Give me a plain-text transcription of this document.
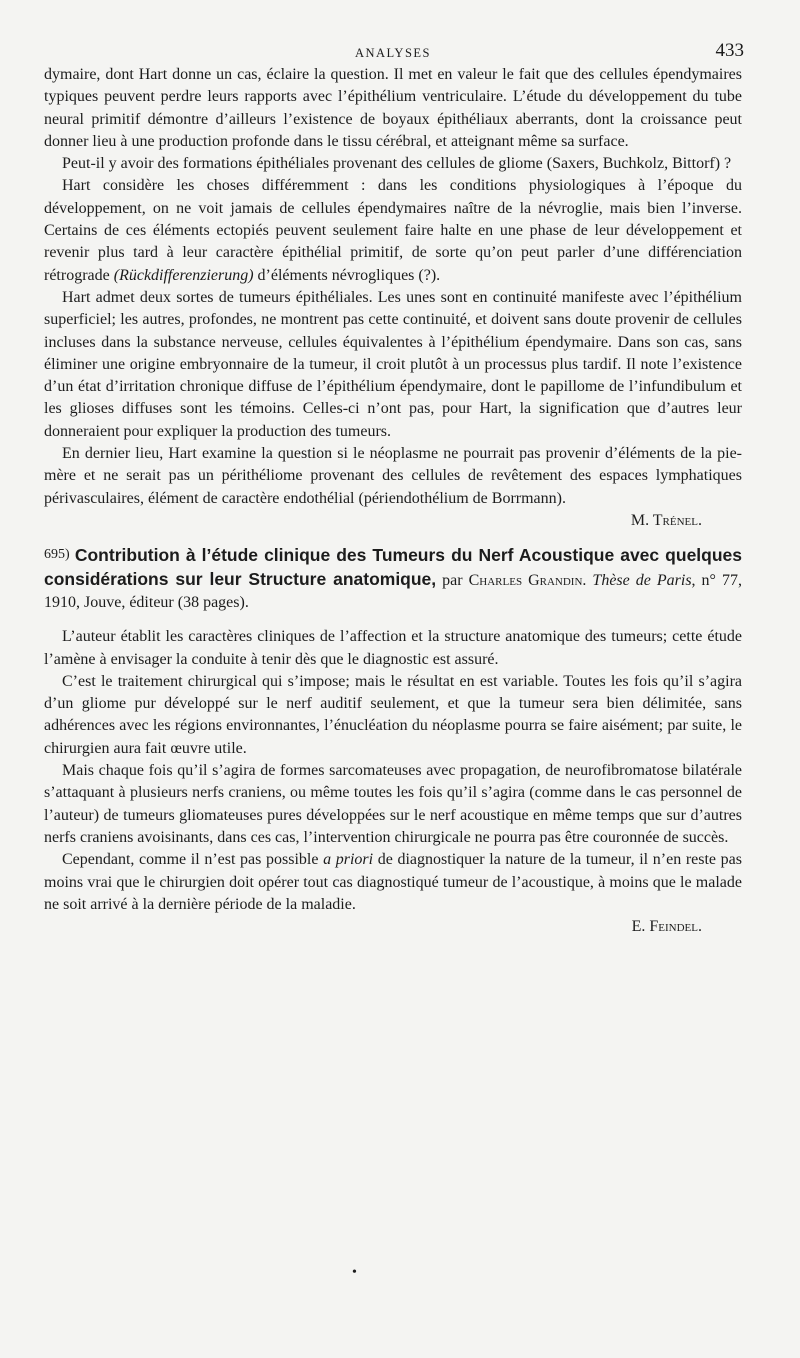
ANALYSES	433

dymaire, dont Hart donne un cas, éclaire la question. Il met en valeur le fait que des cellules épendymaires typiques peuvent perdre leurs rapports avec l’épithélium ventriculaire. L’étude du développement du tube neural primitif démontre d’ailleurs l’existence de boyaux épithéliaux aberrants, dont la croissance peut donner lieu à une production profonde dans le tissu cérébral, et atteignant même sa surface.

Peut-il y avoir des formations épithéliales provenant des cellules de gliome (Saxers, Buchkolz, Bittorf) ?

Hart considère les choses différemment : dans les conditions physiologiques à l’époque du développement, on ne voit jamais de cellules épendymaires naître de la névroglie, mais bien l’inverse. Certains de ces éléments ectopiés peuvent seulement faire halte en une phase de leur développement et revenir plus tard à leur caractère épithélial primitif, de sorte qu’on peut parler d’une différenciation rétrograde (Rückdifferenzierung) d’éléments névrogliques (?).

Hart admet deux sortes de tumeurs épithéliales. Les unes sont en continuité manifeste avec l’épithélium superficiel; les autres, profondes, ne montrent pas cette continuité, et doivent sans doute provenir de cellules incluses dans la substance nerveuse, cellules équivalentes à l’épithélium épendymaire. Dans son cas, sans éliminer une origine embryonnaire de la tumeur, il croit plutôt à un processus plus tardif. Il note l’existence d’un état d’irritation chronique diffuse de l’épithélium épendymaire, dont le papillome de l’infundibulum et les glioses diffuses sont les témoins. Celles-ci n’ont pas, pour Hart, la signification que d’autres leur donneraient pour expliquer la production des tumeurs.

En dernier lieu, Hart examine la question si le néoplasme ne pourrait pas provenir d’éléments de la pie-mère et ne serait pas un périthéliome provenant des cellules de revêtement des espaces lymphatiques périvasculaires, élément de caractère endothélial (périendothélium de Borrmann).

M. Trénel.

695) Contribution à l’étude clinique des Tumeurs du Nerf Acoustique avec quelques considérations sur leur Structure anatomique, par Charles Grandin. Thèse de Paris, n° 77, 1910, Jouve, éditeur (38 pages).

L’auteur établit les caractères cliniques de l’affection et la structure anatomique des tumeurs; cette étude l’amène à envisager la conduite à tenir dès que le diagnostic est assuré.

C’est le traitement chirurgical qui s’impose; mais le résultat en est variable. Toutes les fois qu’il s’agira d’un gliome pur développé sur le nerf auditif seulement, et que la tumeur sera bien délimitée, sans adhérences avec les régions environnantes, l’énucléation du néoplasme pourra se faire aisément; par suite, le chirurgien aura fait œuvre utile.

Mais chaque fois qu’il s’agira de formes sarcomateuses avec propagation, de neurofibromatose bilatérale s’attaquant à plusieurs nerfs craniens, ou même toutes les fois qu’il s’agira (comme dans le cas personnel de l’auteur) de tumeurs gliomateuses pures développées sur le nerf acoustique en même temps que sur d’autres nerfs craniens avoisinants, dans ces cas, l’intervention chirurgicale ne pourra pas être couronnée de succès.

Cependant, comme il n’est pas possible a priori de diagnostiquer la nature de la tumeur, il n’en reste pas moins vrai que le chirurgien doit opérer tout cas diagnostiqué tumeur de l’acoustique, à moins que le malade ne soit arrivé à la dernière période de la maladie.

E. Feindel.

•
